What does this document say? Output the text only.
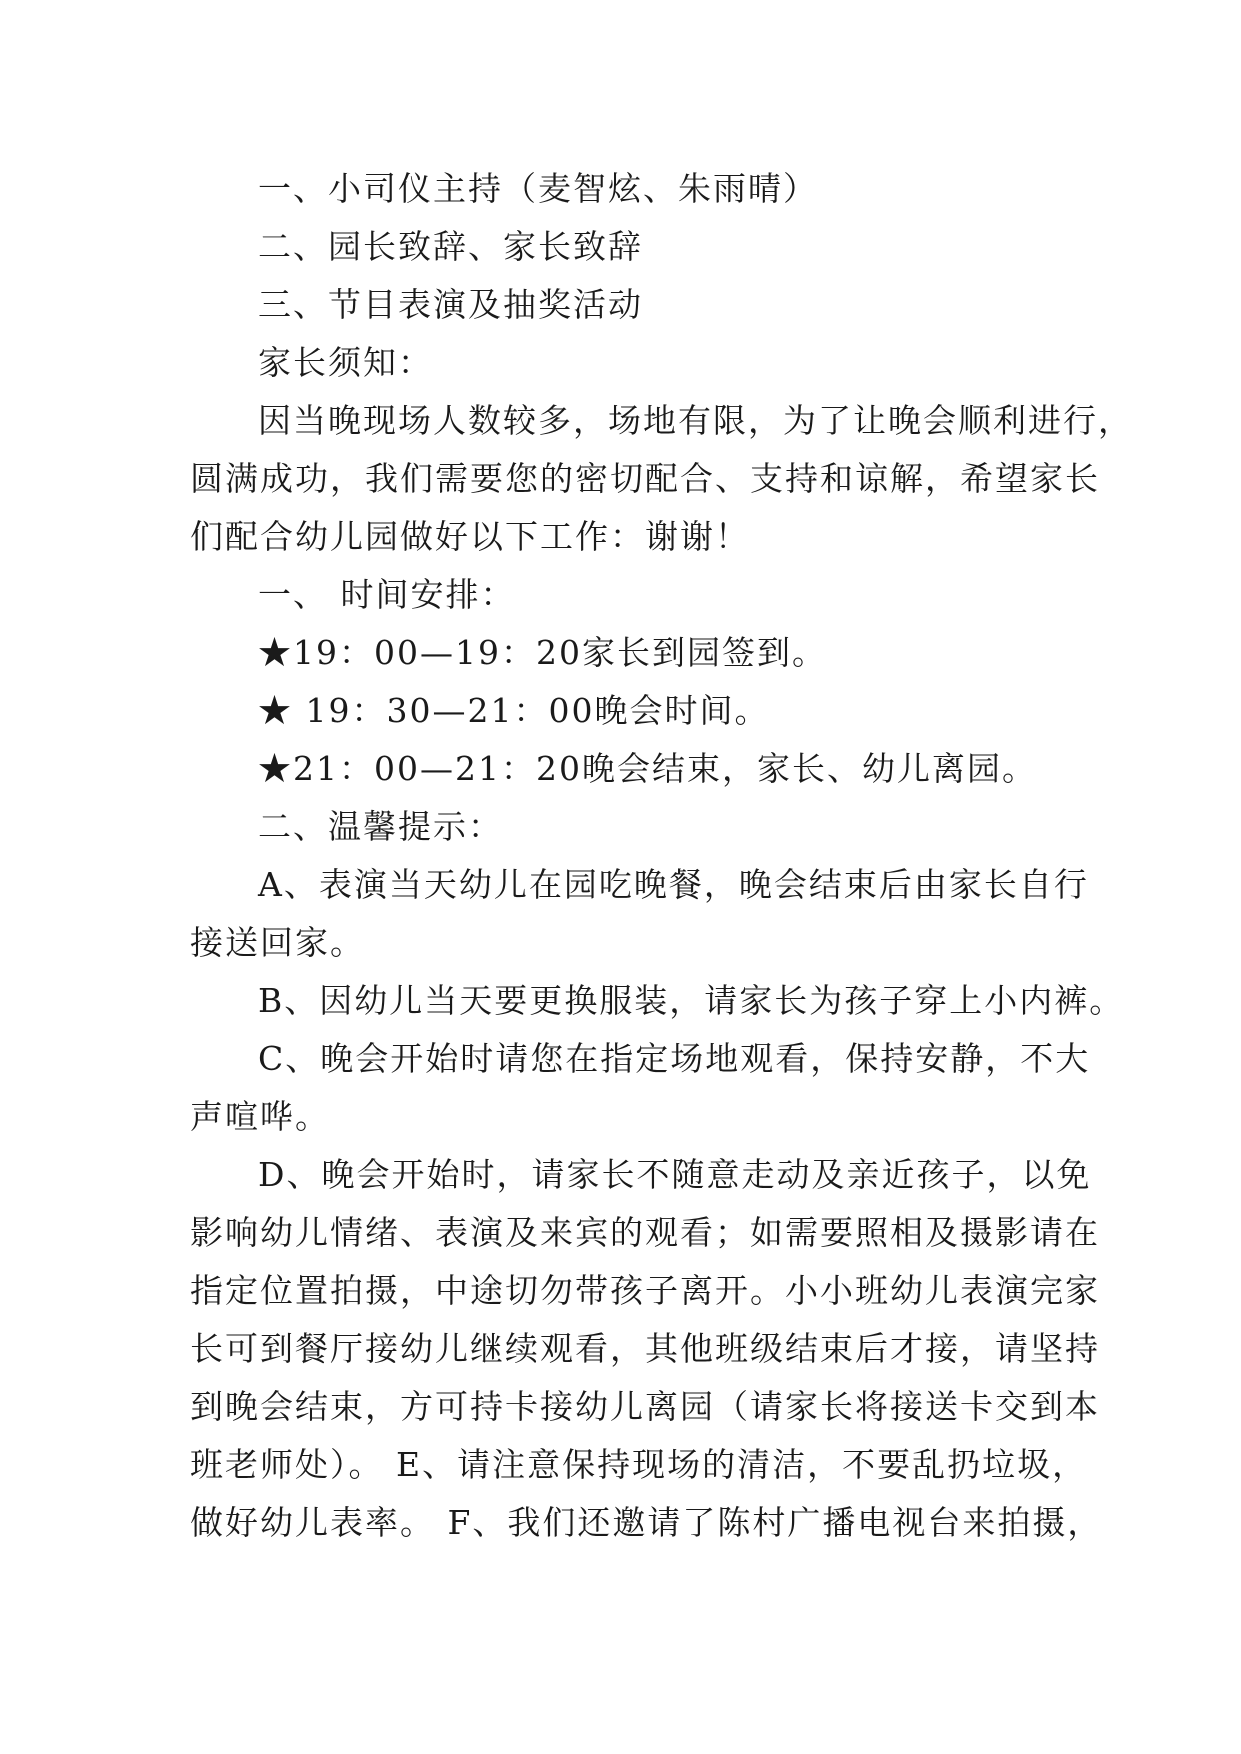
一、小司仪主持（麦智炫、朱雨晴）

二、园长致辞、家长致辞

三、节目表演及抽奖活动

家长须知：

因当晚现场人数较多，场地有限，为了让晚会顺利进行，

圆满成功，我们需要您的密切配合、支持和谅解，希望家长

们配合幼儿园做好以下工作：谢谢！

一、 时间安排：

★19：00—19：20家长到园签到。

★ 19：30—21：00晚会时间。

★21：00—21：20晚会结束，家长、幼儿离园。

二、温馨提示：

A、表演当天幼儿在园吃晚餐，晚会结束后由家长自行

接送回家。

B、因幼儿当天要更换服装，请家长为孩子穿上小内裤。

C、晚会开始时请您在指定场地观看，保持安静，不大

声喧哗。

D、晚会开始时，请家长不随意走动及亲近孩子，以免

影响幼儿情绪、表演及来宾的观看；如需要照相及摄影请在

指定位置拍摄，中途切勿带孩子离开。小小班幼儿表演完家

长可到餐厅接幼儿继续观看，其他班级结束后才接，请坚持

到晚会结束，方可持卡接幼儿离园（请家长将接送卡交到本

班老师处）。 E、请注意保持现场的清洁，不要乱扔垃圾，

做好幼儿表率。 F、我们还邀请了陈村广播电视台来拍摄，
